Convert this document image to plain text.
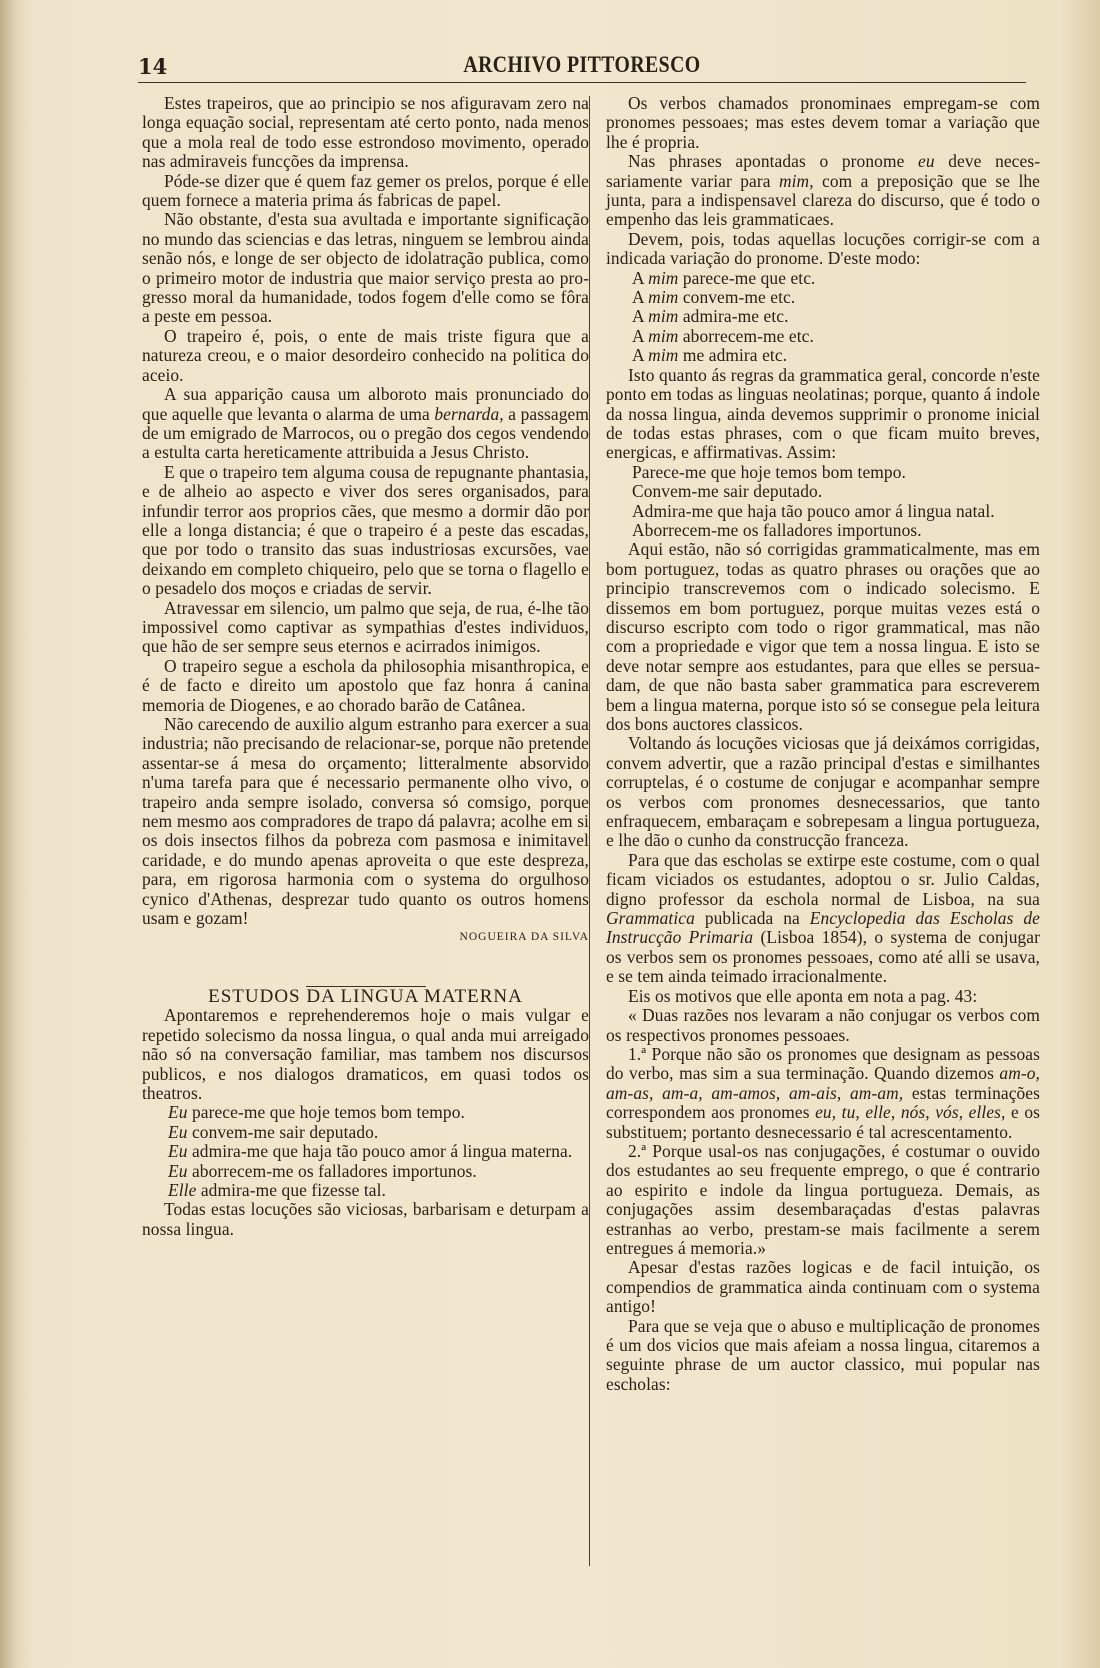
14	ARCHIVO PITTORESCO

Estes trapeiros, que ao principio se nos afiguravam zero na longa equação social, representam até certo ponto, nada menos que a mola real de todo esse estrondoso movimento, operado nas admiraveis funcções da imprensa.

Póde-se dizer que é quem faz gemer os prelos, porque é elle quem fornece a materia prima ás fabricas de papel.

Não obstante, d'esta sua avultada e importante significação no mundo das sciencias e das letras, ninguem se lembrou ainda senão nós, e longe de ser objecto de idolatração publica, como o primeiro motor de industria que maior serviço presta ao progresso moral da humanidade, todos fogem d'elle como se fôra a peste em pessoa.

O trapeiro é, pois, o ente de mais triste figura que a natureza creou, e o maior desordeiro conhecido na politica do aceio.

A sua apparição causa um alboroto mais pronunciado do que aquelle que levanta o alarma de uma bernarda, a passagem de um emigrado de Marrocos, ou o pregão dos cegos vendendo a estulta carta hereticamente attribuida a Jesus Christo.

E que o trapeiro tem alguma cousa de repugnante phantasia, e de alheio ao aspecto e viver dos seres organisados, para infundir terror aos proprios cães, que mesmo a dormir dão por elle a longa distancia; é que o trapeiro é a peste das escadas, que por todo o transito das suas industriosas excursões, vae deixando em completo chiqueiro, pelo que se torna o flagello e o pesadelo dos moços e criadas de servir.

Atravessar em silencio, um palmo que seja, de rua, é-lhe tão impossivel como captivar as sympathias d'estes individuos, que hão de ser sempre seus eternos e acirrados inimigos.

O trapeiro segue a eschola da philosophia misanthropica, e é de facto e direito um apostolo que faz honra á canina memoria de Diogenes, e ao chorado barão de Catânea.

Não carecendo de auxilio algum estranho para exercer a sua industria; não precisando de relacionar-se, porque não pretende assentar-se á mesa do orçamento; litteralmente absorvido n'uma tarefa para que é necessario permanente olho vivo, o trapeiro anda sempre isolado, conversa só comsigo, porque nem mesmo aos compradores de trapo dá palavra; acolhe em si os dois insectos filhos da pobreza com pasmosa e inimitavel caridade, e do mundo apenas aproveita o que este despreza, para, em rigorosa harmonia com o systema do orgulhoso cynico d'Athenas, desprezar tudo quanto os outros homens usam e gozam!

NOGUEIRA DA SILVA

ESTUDOS DA LINGUA MATERNA

Apontaremos e reprehenderemos hoje o mais vulgar e repetido solecismo da nossa lingua, o qual anda mui arreigado não só na conversação familiar, mas tambem nos discursos publicos, e nos dialogos dramaticos, em quasi todos os theatros.

Eu parece-me que hoje temos bom tempo.

Eu convem-me sair deputado.

Eu admira-me que haja tão pouco amor á lingua materna.

Eu aborrecem-me os falladores importunos.

Elle admira-me que fizesse tal.

Todas estas locuções são viciosas, barbarisam e deturpam a nossa lingua.

Os verbos chamados pronominaes empregam-se com pronomes pessoaes; mas estes devem tomar a variação que lhe é propria.

Nas phrases apontadas o pronome eu deve necessariamente variar para mim, com a preposição que se lhe junta, para a indispensavel clareza do discurso, que é todo o empenho das leis grammaticaes.

Devem, pois, todas aquellas locuções corrigir-se com a indicada variação do pronome. D'este modo:

A mim parece-me que etc.

A mim convem-me etc.

A mim admira-me etc.

A mim aborrecem-me etc.

A mim me admira etc.

Isto quanto ás regras da grammatica geral, concorde n'este ponto em todas as linguas neolatinas; porque, quanto á indole da nossa lingua, ainda devemos supprimir o pronome inicial de todas estas phrases, com o que ficam muito breves, energicas, e affirmativas. Assim:

Parece-me que hoje temos bom tempo.

Convem-me sair deputado.

Admira-me que haja tão pouco amor á lingua natal.

Aborrecem-me os falladores importunos.

Aqui estão, não só corrigidas grammaticalmente, mas em bom portuguez, todas as quatro phrases ou orações que ao principio transcrevemos com o indicado solecismo. E dissemos em bom portuguez, porque muitas vezes está o discurso escripto com todo o rigor grammatical, mas não com a propriedade e vigor que tem a nossa lingua. E isto se deve notar sempre aos estudantes, para que elles se persuadam, de que não basta saber grammatica para escreverem bem a lingua materna, porque isto só se consegue pela leitura dos bons auctores classicos.

Voltando ás locuções viciosas que já deixámos corrigidas, convem advertir, que a razão principal d'estas e similhantes corruptelas, é o costume de conjugar e acompanhar sempre os verbos com pronomes desnecessarios, que tanto enfraquecem, embaraçam e sobrepesam a lingua portugueza, e lhe dão o cunho da construcção franceza.

Para que das escholas se extirpe este costume, com o qual ficam viciados os estudantes, adoptou o sr. Julio Caldas, digno professor da eschola normal de Lisboa, na sua Grammatica publicada na Encyclopedia das Escholas de Instrucção Primaria (Lisboa 1854), o systema de conjugar os verbos sem os pronomes pessoaes, como até alli se usava, e se tem ainda teimado irracionalmente.

Eis os motivos que elle aponta em nota a pag. 43:

« Duas razões nos levaram a não conjugar os verbos com os respectivos pronomes pessoaes.

1.ª Porque não são os pronomes que designam as pessoas do verbo, mas sim a sua terminação. Quando dizemos am-o, am-as, am-a, am-amos, am-ais, am-am, estas terminações correspondem aos pronomes eu, tu, elle, nós, vós, elles, e os substituem; portanto desnecessario é tal acrescentamento.

2.ª Porque usal-os nas conjugações, é costumar o ouvido dos estudantes ao seu frequente emprego, o que é contrario ao espirito e indole da lingua portugueza. Demais, as conjugações assim desembaraçadas d'estas palavras estranhas ao verbo, prestam-se mais facilmente a serem entregues á memoria.»

Apesar d'estas razões logicas e de facil intuição, os compendios de grammatica ainda continuam com o systema antigo!

Para que se veja que o abuso e multiplicação de pronomes é um dos vicios que mais afeiam a nossa lingua, citaremos a seguinte phrase de um auctor classico, mui popular nas escholas:
